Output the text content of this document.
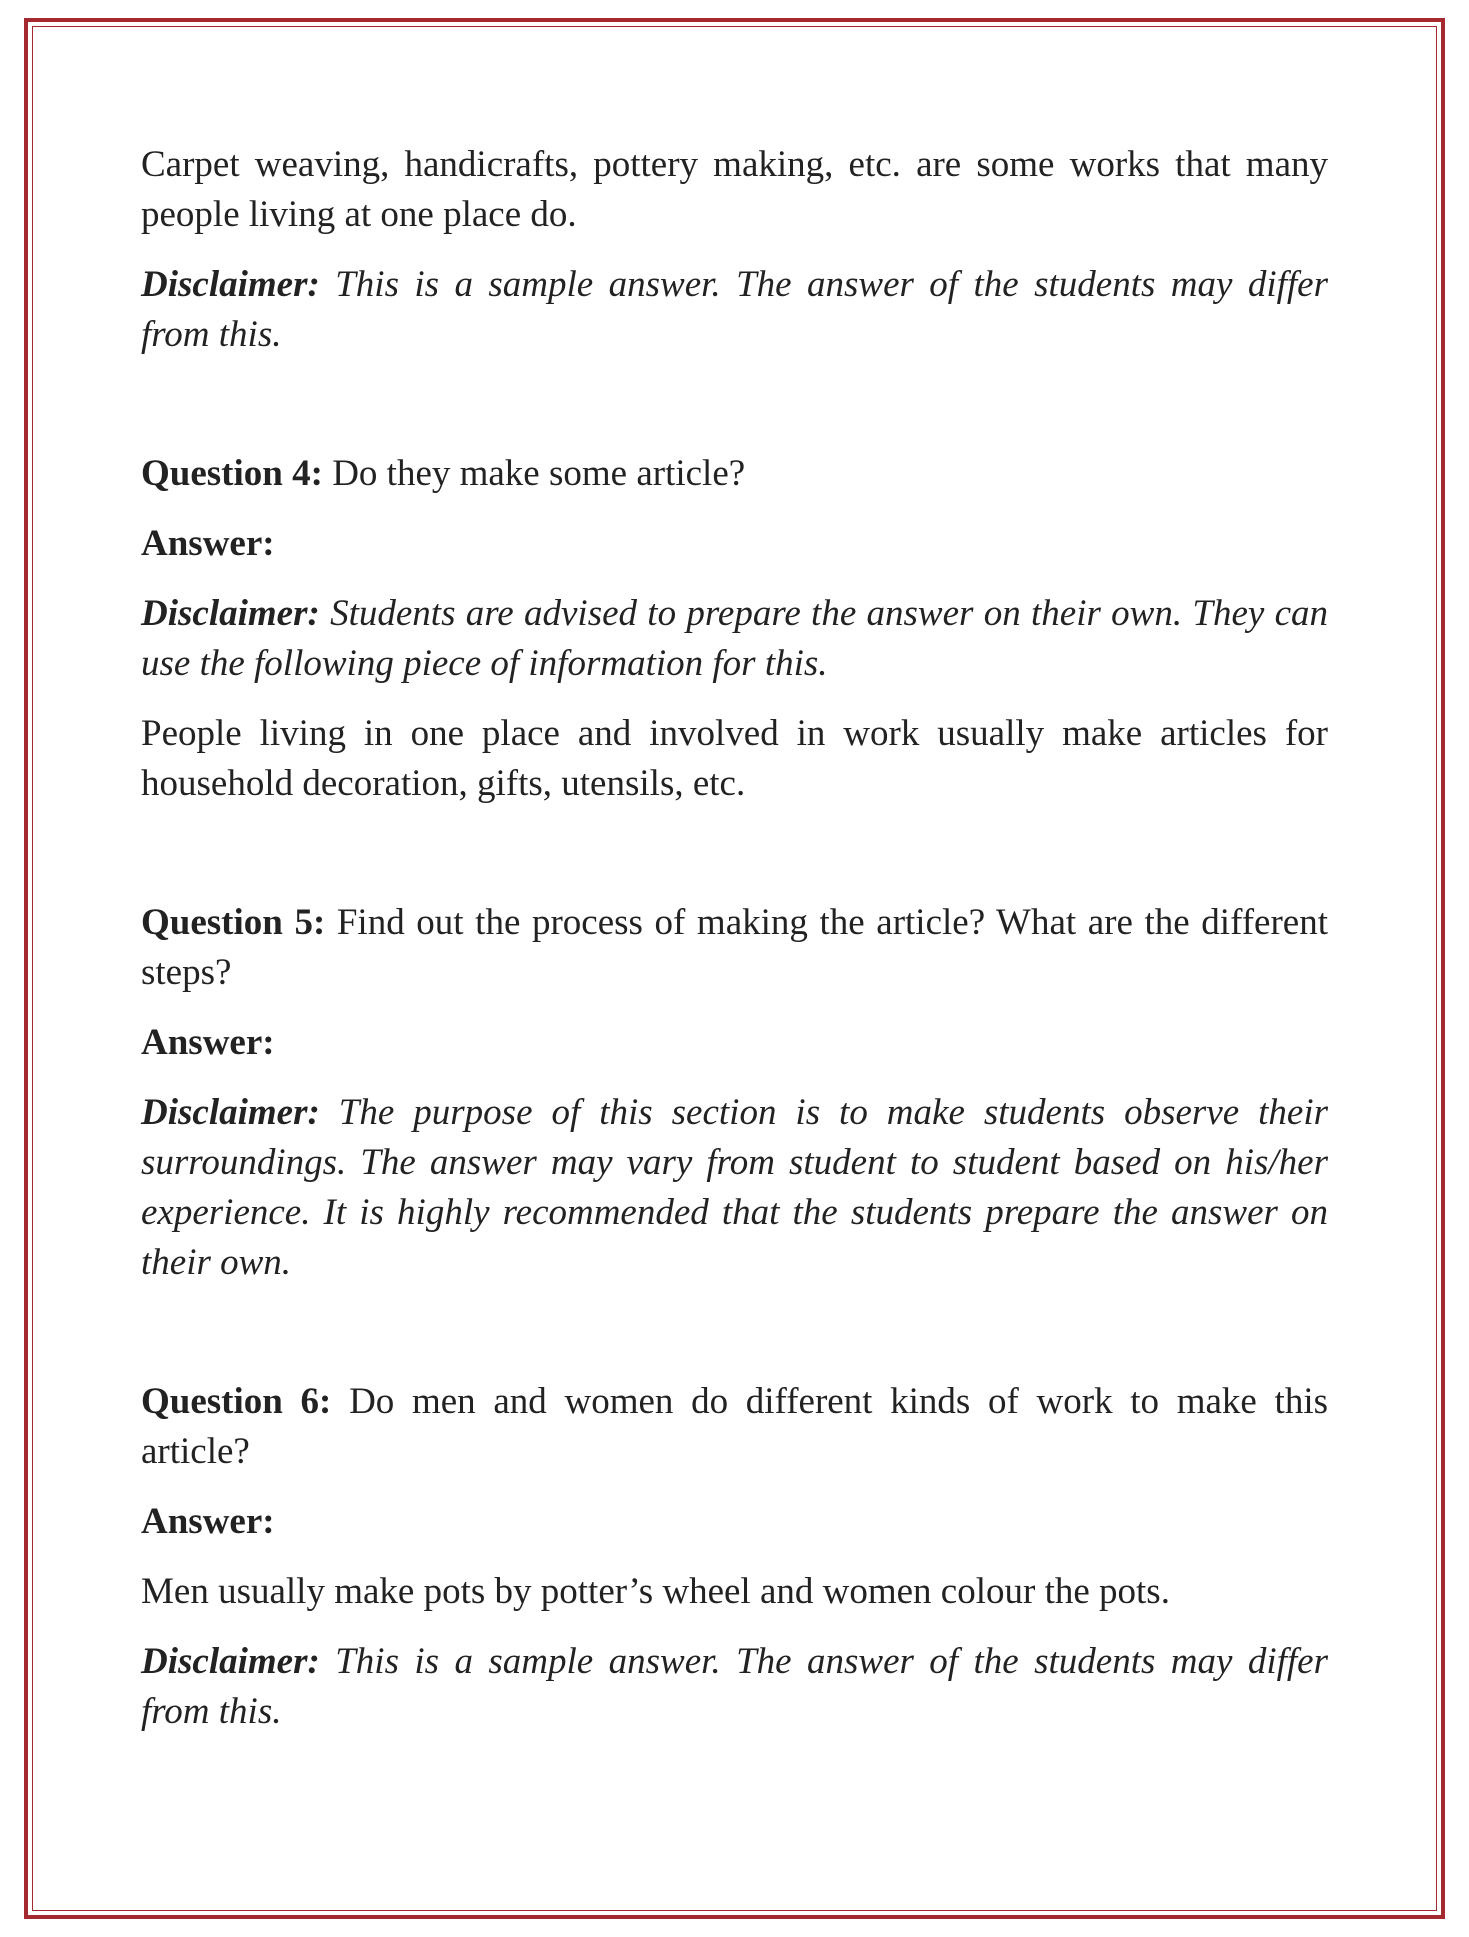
Carpet weaving, handicrafts, pottery making, etc. are some works that many people living at one place do.

Disclaimer: This is a sample answer. The answer of the students may differ from this.

Question 4: Do they make some article?

Answer:

Disclaimer: Students are advised to prepare the answer on their own. They can use the following piece of information for this.

People living in one place and involved in work usually make articles for household decoration, gifts, utensils, etc.

Question 5: Find out the process of making the article? What are the different steps?

Answer:

Disclaimer: The purpose of this section is to make students observe their surroundings. The answer may vary from student to student based on his/her experience. It is highly recommended that the students prepare the answer on their own.

Question 6: Do men and women do different kinds of work to make this article?

Answer:

Men usually make pots by potter’s wheel and women colour the pots.

Disclaimer: This is a sample answer. The answer of the students may differ from this.
